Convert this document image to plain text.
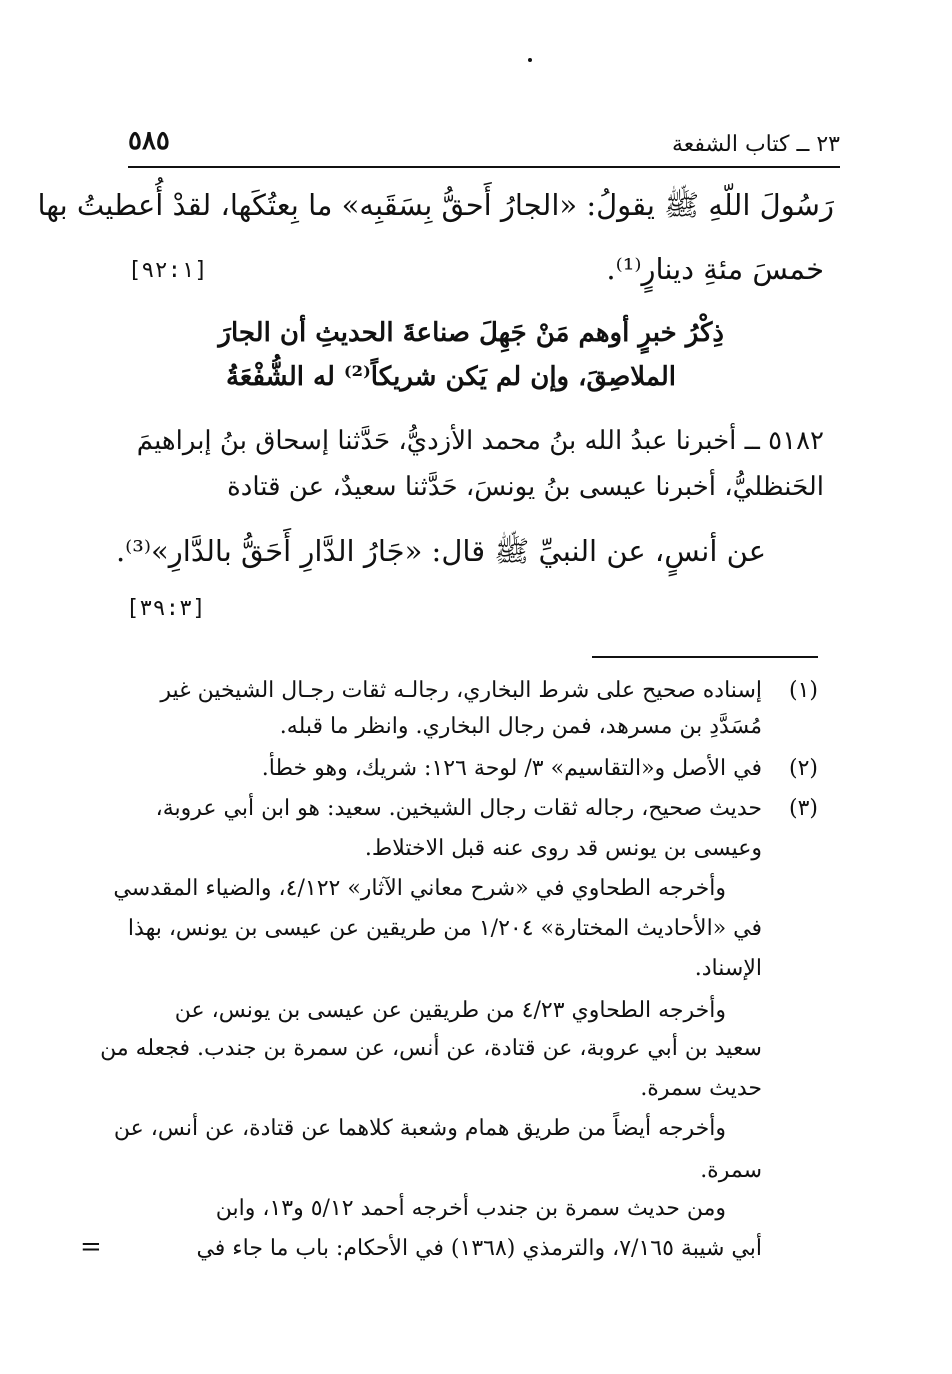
٥٨٥	٢٣ ــ كتاب الشفعة
رَسُولَ اللّهِ ﷺ يقولُ: «الجارُ أَحقُّ بِسَقَبِه» ما بِعتُكَها، لقدْ أُعطيتُ بها
خمسَ مئةِ دينارٍ⁽¹⁾.
[٩٢:١]
ذِكْرُ خبرٍ أوهم مَنْ جَهِلَ صناعةَ الحديثِ أن الجارَ
الملاصِقَ، وإن لم يَكن شريكاً⁽²⁾ له الشُّفْعَةُ
٥١٨٢ ــ أخبرنا عبدُ الله بنُ محمد الأزديُّ، حَدَّثنا إسحاق بنُ إبراهيمَ
الحَنظليُّ، أخبرنا عيسى بنُ يونسَ، حَدَّثنا سعيدٌ، عن قتادة
عن أنسٍ، عن النبيِّ ﷺ قال: «جَارُ الدَّارِ أَحَقُّ بالدَّارِ»⁽³⁾.
[٣٩:٣]
(١)
إسناده صحيح على شرط البخاري، رجالـه ثقات رجـال الشيخين غير
مُسَدَّدِ بن مسرهد، فمن رجال البخاري. وانظر ما قبله.
(٢)
في الأصل و«التقاسيم» ٣/ لوحة ١٢٦: شريك، وهو خطأ.
(٣)
حديث صحيح، رجاله ثقات رجال الشيخين. سعيد: هو ابن أبي عروبة،
وعيسى بن يونس قد روى عنه قبل الاختلاط.
وأخرجه الطحاوي في «شرح معاني الآثار» ٤/١٢٢، والضياء المقدسي
في «الأحاديث المختارة» ١/٢٠٤ من طريقين عن عيسى بن يونس، بهذا
الإسناد.
وأخرجه الطحاوي ٤/٢٣ من طريقين عن عيسى بن يونس، عن
سعيد بن أبي عروبة، عن قتادة، عن أنس، عن سمرة بن جندب. فجعله من
حديث سمرة.
وأخرجه أيضاً من طريق همام وشعبة كلاهما عن قتادة، عن أنس، عن
سمرة.
ومن حديث سمرة بن جندب أخرجه أحمد ٥/١٢ و١٣، وابن
أبي شيبة ٧/١٦٥، والترمذي (١٣٦٨) في الأحكام: باب ما جاء في
=
